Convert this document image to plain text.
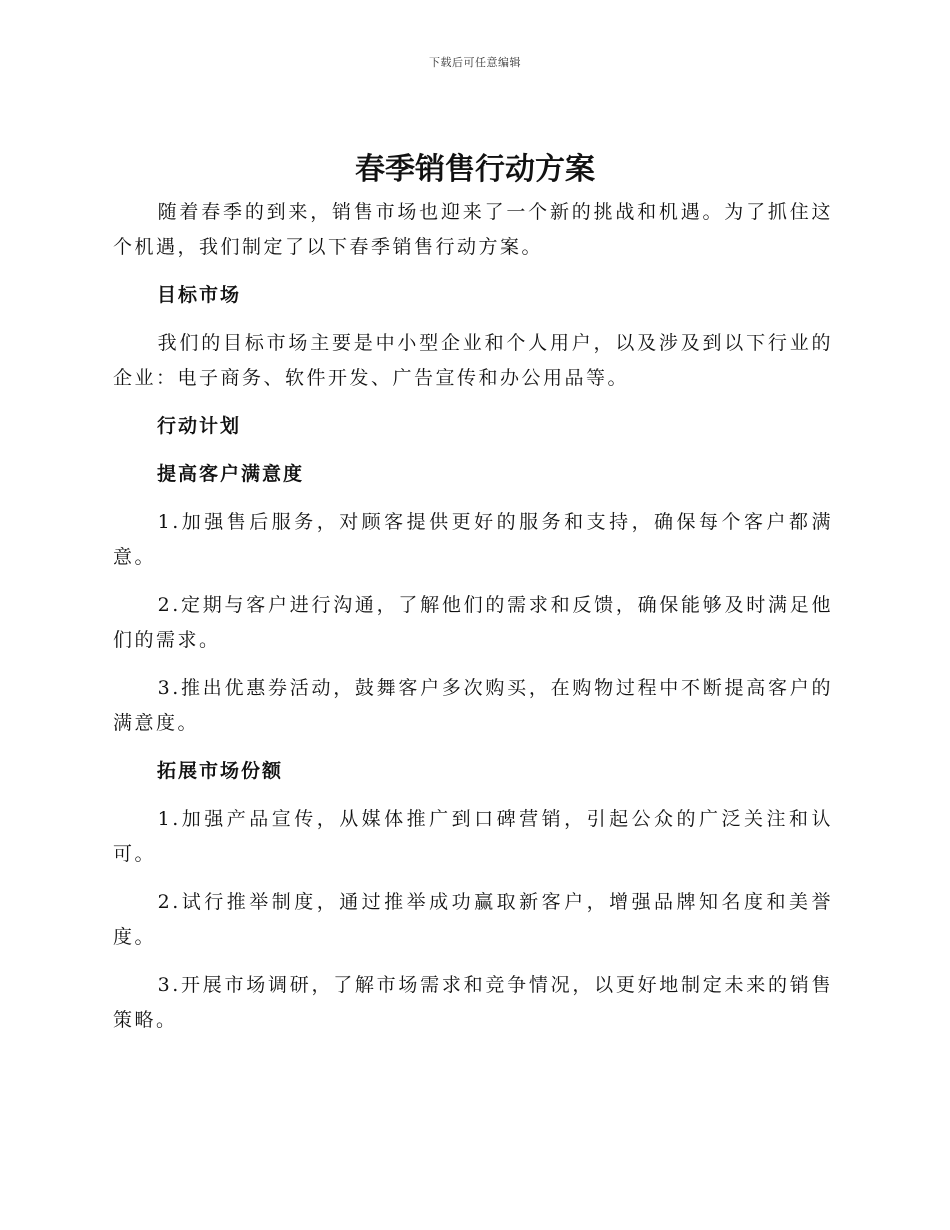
下载后可任意编辑
春季销售行动方案

随着春季的到来，销售市场也迎来了一个新的挑战和机遇。为了抓住这个机遇，我们制定了以下春季销售行动方案。

目标市场

我们的目标市场主要是中小型企业和个人用户，以及涉及到以下行业的企业：电子商务、软件开发、广告宣传和办公用品等。

行动计划
提高客户满意度

1.加强售后服务，对顾客提供更好的服务和支持，确保每个客户都满意。

2.定期与客户进行沟通，了解他们的需求和反馈，确保能够及时满足他们的需求。

3.推出优惠券活动，鼓舞客户多次购买，在购物过程中不断提高客户的满意度。

拓展市场份额

1.加强产品宣传，从媒体推广到口碑营销，引起公众的广泛关注和认可。

2.试行推举制度，通过推举成功赢取新客户，增强品牌知名度和美誉度。

3.开展市场调研，了解市场需求和竞争情况，以更好地制定未来的销售策略。
